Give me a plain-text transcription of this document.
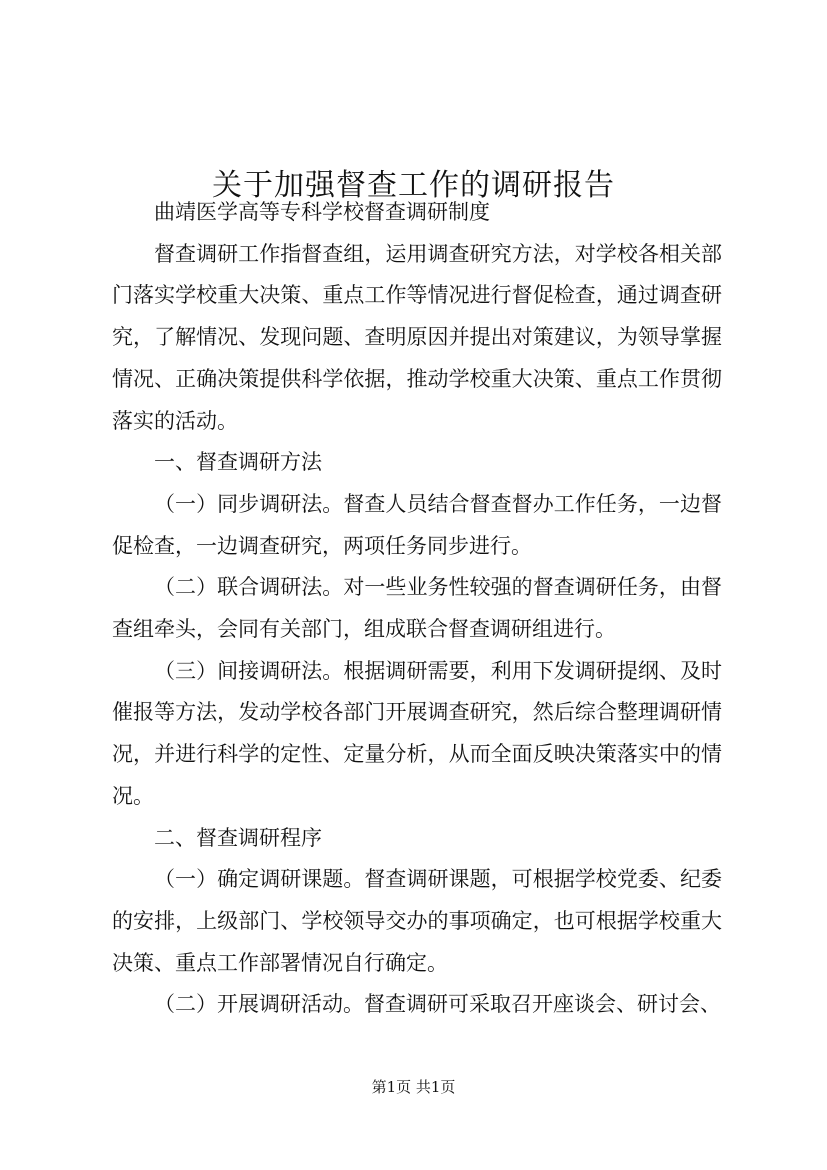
关于加强督查工作的调研报告

曲靖医学高等专科学校督查调研制度

督查调研工作指督查组，运用调查研究方法，对学校各相关部门落实学校重大决策、重点工作等情况进行督促检查，通过调查研究，了解情况、发现问题、查明原因并提出对策建议，为领导掌握情况、正确决策提供科学依据，推动学校重大决策、重点工作贯彻落实的活动。

一、督查调研方法

（一）同步调研法。督查人员结合督查督办工作任务，一边督促检查，一边调查研究，两项任务同步进行。

（二）联合调研法。对一些业务性较强的督查调研任务，由督查组牵头，会同有关部门，组成联合督查调研组进行。

（三）间接调研法。根据调研需要，利用下发调研提纲、及时催报等方法，发动学校各部门开展调查研究，然后综合整理调研情况，并进行科学的定性、定量分析，从而全面反映决策落实中的情况。

二、督查调研程序

（一）确定调研课题。督查调研课题，可根据学校党委、纪委的安排，上级部门、学校领导交办的事项确定，也可根据学校重大决策、重点工作部署情况自行确定。

（二）开展调研活动。督查调研可采取召开座谈会、研讨会、

第1页 共1页
